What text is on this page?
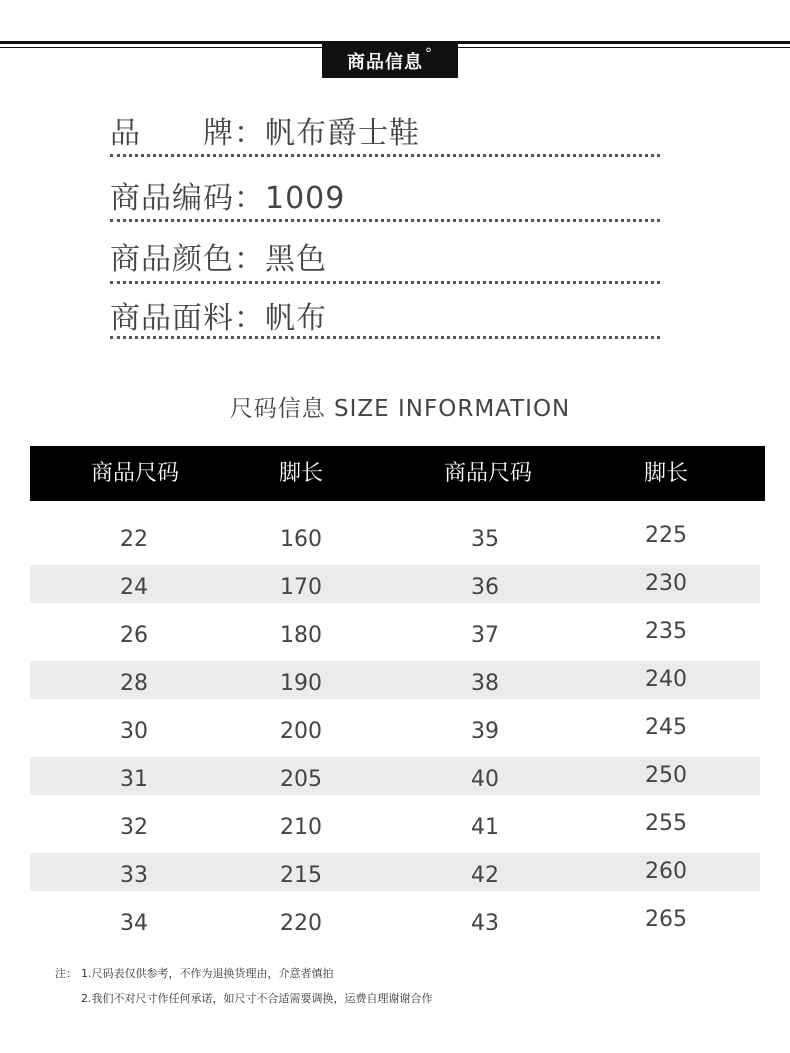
商品信息 °
品 牌：帆布爵士鞋
商品编码：1009
商品颜色：黑色
商品面料：帆布
尺码信息 SIZE INFORMATION
商品尺码	脚长	商品尺码	脚长
22	160	35	225
24	170	36	230
26	180	37	235
28	190	38	240
30	200	39	245
31	205	40	250
32	210	41	255
33	215	42	260
34	220	43	265
注： 1.尺码表仅供参考，不作为退换货理由，介意者慎拍
2.我们不对尺寸作任何承诺，如尺寸不合适需要调换，运费自理谢谢合作
